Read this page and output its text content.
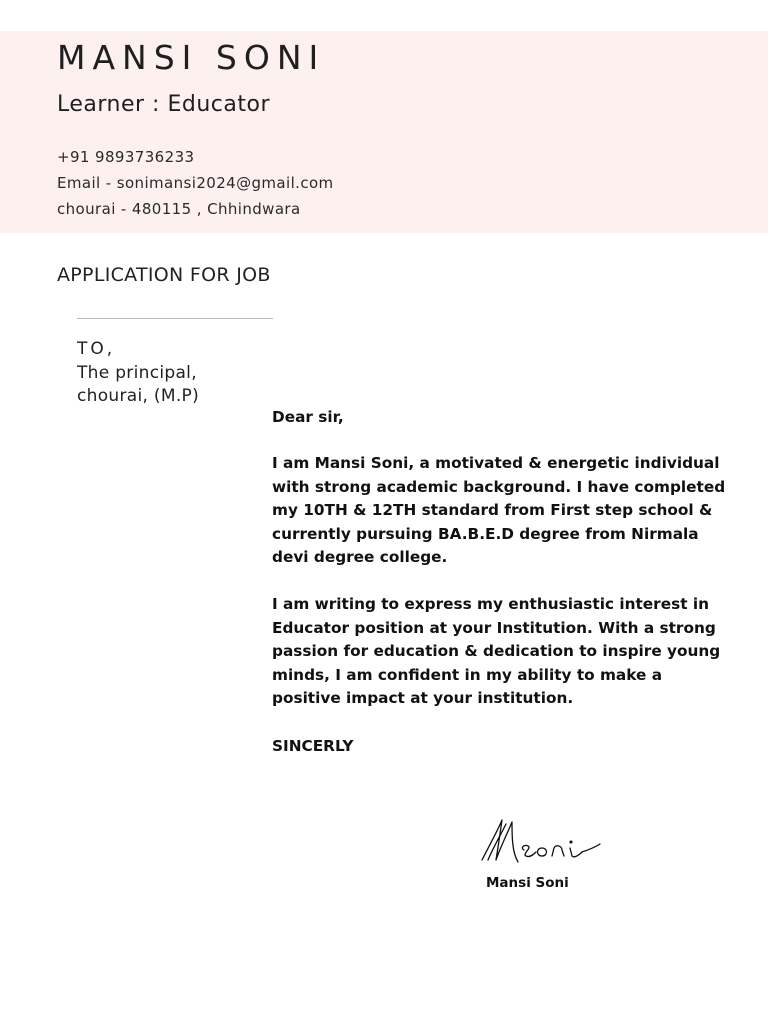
MANSI SONI
Learner : Educator
+91 9893736233
Email - sonimansi2024@gmail.com
chourai - 480115 , Chhindwara
APPLICATION FOR JOB
TO,
The principal,
chourai, (M.P)
Dear sir,
I am Mansi Soni, a motivated & energetic individual with strong academic background. I have completed my 10TH & 12TH standard from First step school & currently pursuing BA.B.E.D degree from Nirmala devi degree college.
I am writing to express my enthusiastic interest in Educator position at your Institution. With a strong passion for education & dedication to inspire young minds, I am confident in my ability to make a positive impact at your institution.
SINCERLY
Mansi Soni
